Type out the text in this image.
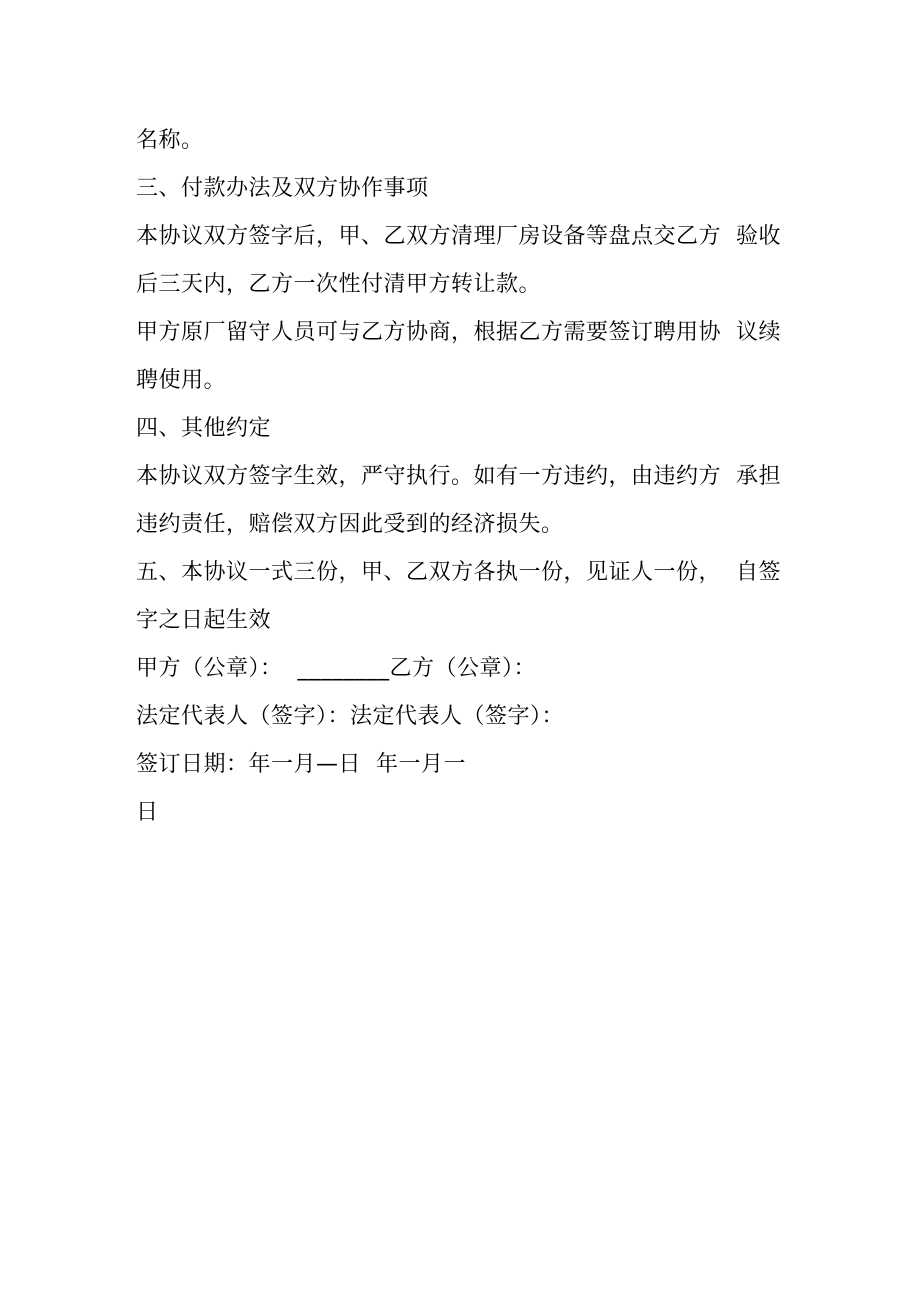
名称。
三、付款办法及双方协作事项
本协议双方签字后，甲、乙双方清理厂房设备等盘点交乙方  验收
后三天内，乙方一次性付清甲方转让款。
甲方原厂留守人员可与乙方协商，根据乙方需要签订聘用协  议续
聘使用。
四、其他约定
本协议双方签字生效，严守执行。如有一方违约，由违约方  承担
违约责任，赔偿双方因此受到的经济损失。
五、本协议一式三份，甲、乙双方各执一份，见证人一份，  自签
字之日起生效
甲方（公章）：  ________乙方（公章）：
法定代表人（签字）：法定代表人（签字）：
签订日期：年一月—日  年一月一
日
